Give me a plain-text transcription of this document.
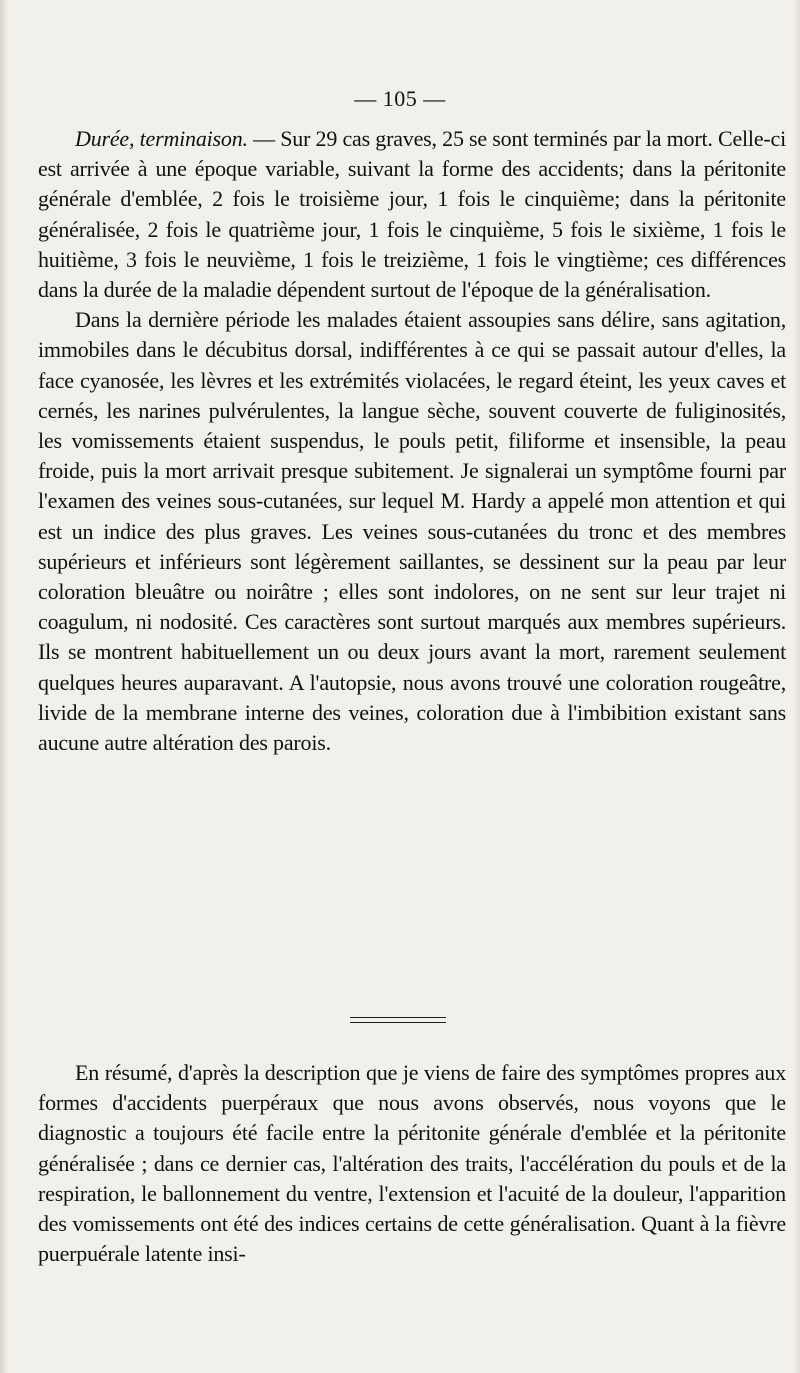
— 105 —

Durée, terminaison. — Sur 29 cas graves, 25 se sont terminés par la mort. Celle-ci est arrivée à une époque variable, suivant la forme des accidents; dans la péritonite générale d'emblée, 2 fois le troisième jour, 1 fois le cinquième; dans la péritonite généralisée, 2 fois le quatrième jour, 1 fois le cinquième, 5 fois le sixième, 1 fois le huitième, 3 fois le neuvième, 1 fois le treizième, 1 fois le vingtième; ces différences dans la durée de la maladie dépendent surtout de l'époque de la généralisation.

Dans la dernière période les malades étaient assoupies sans délire, sans agitation, immobiles dans le décubitus dorsal, indifférentes à ce qui se passait autour d'elles, la face cyanosée, les lèvres et les extrémités violacées, le regard éteint, les yeux caves et cernés, les narines pulvérulentes, la langue sèche, souvent couverte de fuliginosités, les vomissements étaient suspendus, le pouls petit, filiforme et insensible, la peau froide, puis la mort arrivait presque subitement. Je signalerai un symptôme fourni par l'examen des veines sous-cutanées, sur lequel M. Hardy a appelé mon attention et qui est un indice des plus graves. Les veines sous-cutanées du tronc et des membres supérieurs et inférieurs sont légèrement saillantes, se dessinent sur la peau par leur coloration bleuâtre ou noirâtre ; elles sont indolores, on ne sent sur leur trajet ni coagulum, ni nodosité. Ces caractères sont surtout marqués aux membres supérieurs. Ils se montrent habituellement un ou deux jours avant la mort, rarement seulement quelques heures auparavant. A l'autopsie, nous avons trouvé une coloration rougeâtre, livide de la membrane interne des veines, coloration due à l'imbibition existant sans aucune autre altération des parois.

En résumé, d'après la description que je viens de faire des symptômes propres aux formes d'accidents puerpéraux que nous avons observés, nous voyons que le diagnostic a toujours été facile entre la péritonite générale d'emblée et la péritonite généralisée ; dans ce dernier cas, l'altération des traits, l'accélération du pouls et de la respiration, le ballonnement du ventre, l'extension et l'acuité de la douleur, l'apparition des vomissements ont été des indices certains de cette généralisation. Quant à la fièvre puerpuérale latente insi-
